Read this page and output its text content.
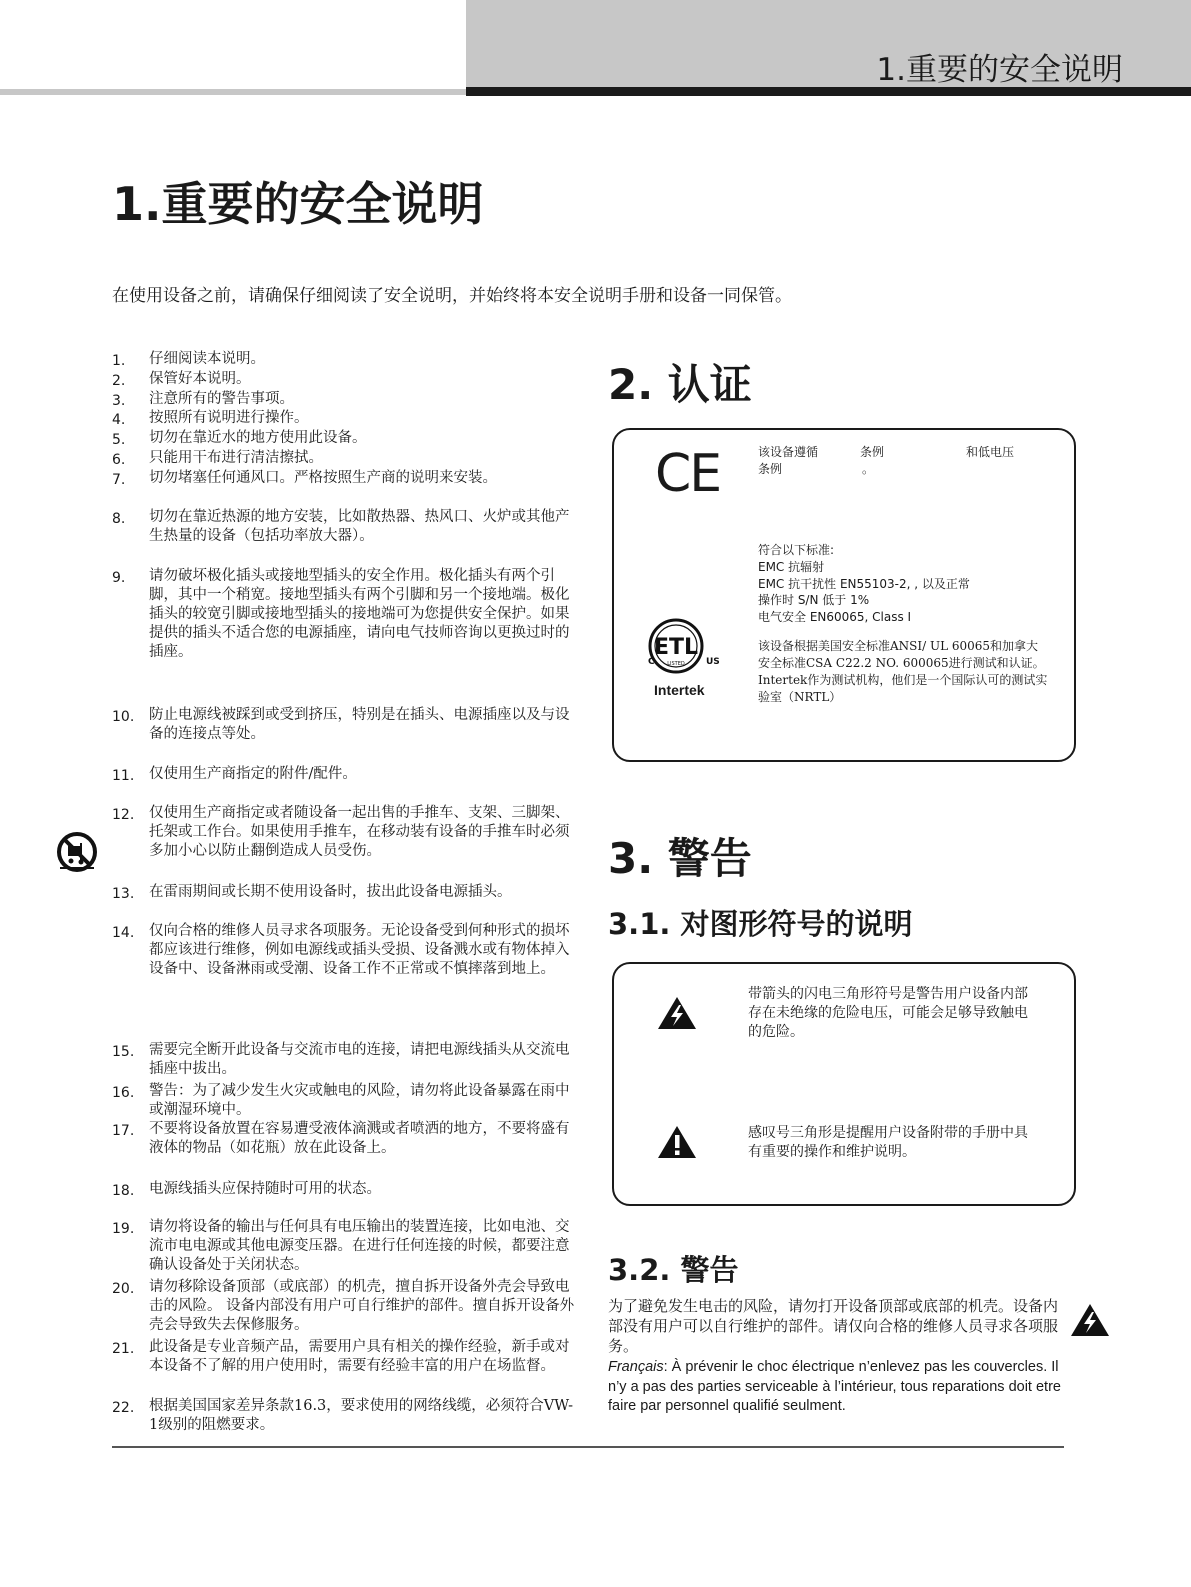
1.重要的安全说明
1.重要的安全说明
在使用设备之前，请确保仔细阅读了安全说明，并始终将本安全说明手册和设备一同保管。
1.	仔细阅读本说明。
2.	保管好本说明。
3.	注意所有的警告事项。
4.	按照所有说明进行操作。
5.	切勿在靠近水的地方使用此设备。
6.	只能用干布进行清洁擦拭。
7.	切勿堵塞任何通风口。严格按照生产商的说明来安装。
8.	切勿在靠近热源的地方安装，比如散热器、热风口、火炉或其他产生热量的设备（包括功率放大器）。
9.	请勿破坏极化插头或接地型插头的安全作用。极化插头有两个引脚，其中一个稍宽。接地型插头有两个引脚和另一个接地端。极化插头的较宽引脚或接地型插头的接地端可为您提供安全保护。如果提供的插头不适合您的电源插座，请向电气技师咨询以更换过时的插座。
10.	防止电源线被踩到或受到挤压，特别是在插头、电源插座以及与设备的连接点等处。
11.	仅使用生产商指定的附件/配件。
12.	仅使用生产商指定或者随设备一起出售的手推车、支架、三脚架、托架或工作台。如果使用手推车，在移动装有设备的手推车时必须多加小心以防止翻倒造成人员受伤。
13.	在雷雨期间或长期不使用设备时，拔出此设备电源插头。
14.	仅向合格的维修人员寻求各项服务。无论设备受到何种形式的损坏都应该进行维修，例如电源线或插头受损、设备溅水或有物体掉入设备中、设备淋雨或受潮、设备工作不正常或不慎摔落到地上。
15.	需要完全断开此设备与交流市电的连接，请把电源线插头从交流电插座中拔出。
16.	警告：为了减少发生火灾或触电的风险，请勿将此设备暴露在雨中或潮湿环境中。
17.	不要将设备放置在容易遭受液体滴溅或者喷洒的地方，不要将盛有液体的物品（如花瓶）放在此设备上。
18.	电源线插头应保持随时可用的状态。
19.	请勿将设备的输出与任何具有电压输出的装置连接，比如电池、交流市电电源或其他电源变压器。在进行任何连接的时候，都要注意确认设备处于关闭状态。
20.	请勿移除设备顶部（或底部）的机壳，擅自拆开设备外壳会导致电击的风险。 设备内部没有用户可自行维护的部件。擅自拆开设备外壳会导致失去保修服务。
21.	此设备是专业音频产品，需要用户具有相关的操作经验，新手或对本设备不了解的用户使用时，需要有经验丰富的用户在场监督。
22.	根据美国国家差异条款16.3，要求使用的网络线缆，必须符合VW-1级别的阻燃要求。
2. 认证
CE	该设备遵循	条例	和低电压
条例	。
符合以下标准:
EMC 抗辐射
EMC 抗干扰性 EN55103-2, , 以及正常
操作时 S/N 低于 1%
电气安全 EN60065, Class I
ETL
C	US
LISTED
Intertek
该设备根据美国安全标准ANSI/ UL 60065和加拿大安全标准CSA C22.2 NO. 600065进行测试和认证。Intertek作为测试机构，他们是一个国际认可的测试实验室（NRTL）
3. 警告
3.1. 对图形符号的说明
带箭头的闪电三角形符号是警告用户设备内部存在未绝缘的危险电压，可能会足够导致触电的危险。
感叹号三角形是提醒用户设备附带的手册中具有重要的操作和维护说明。
3.2. 警告
为了避免发生电击的风险，请勿打开设备顶部或底部的机壳。设备内部没有用户可以自行维护的部件。请仅向合格的维修人员寻求各项服务。
Français: À prévenir le choc électrique n’enlevez pas les couvercles. Il n’y a pas des parties serviceable à l’intérieur, tous reparations doit etre faire par personnel qualifié seulment.
